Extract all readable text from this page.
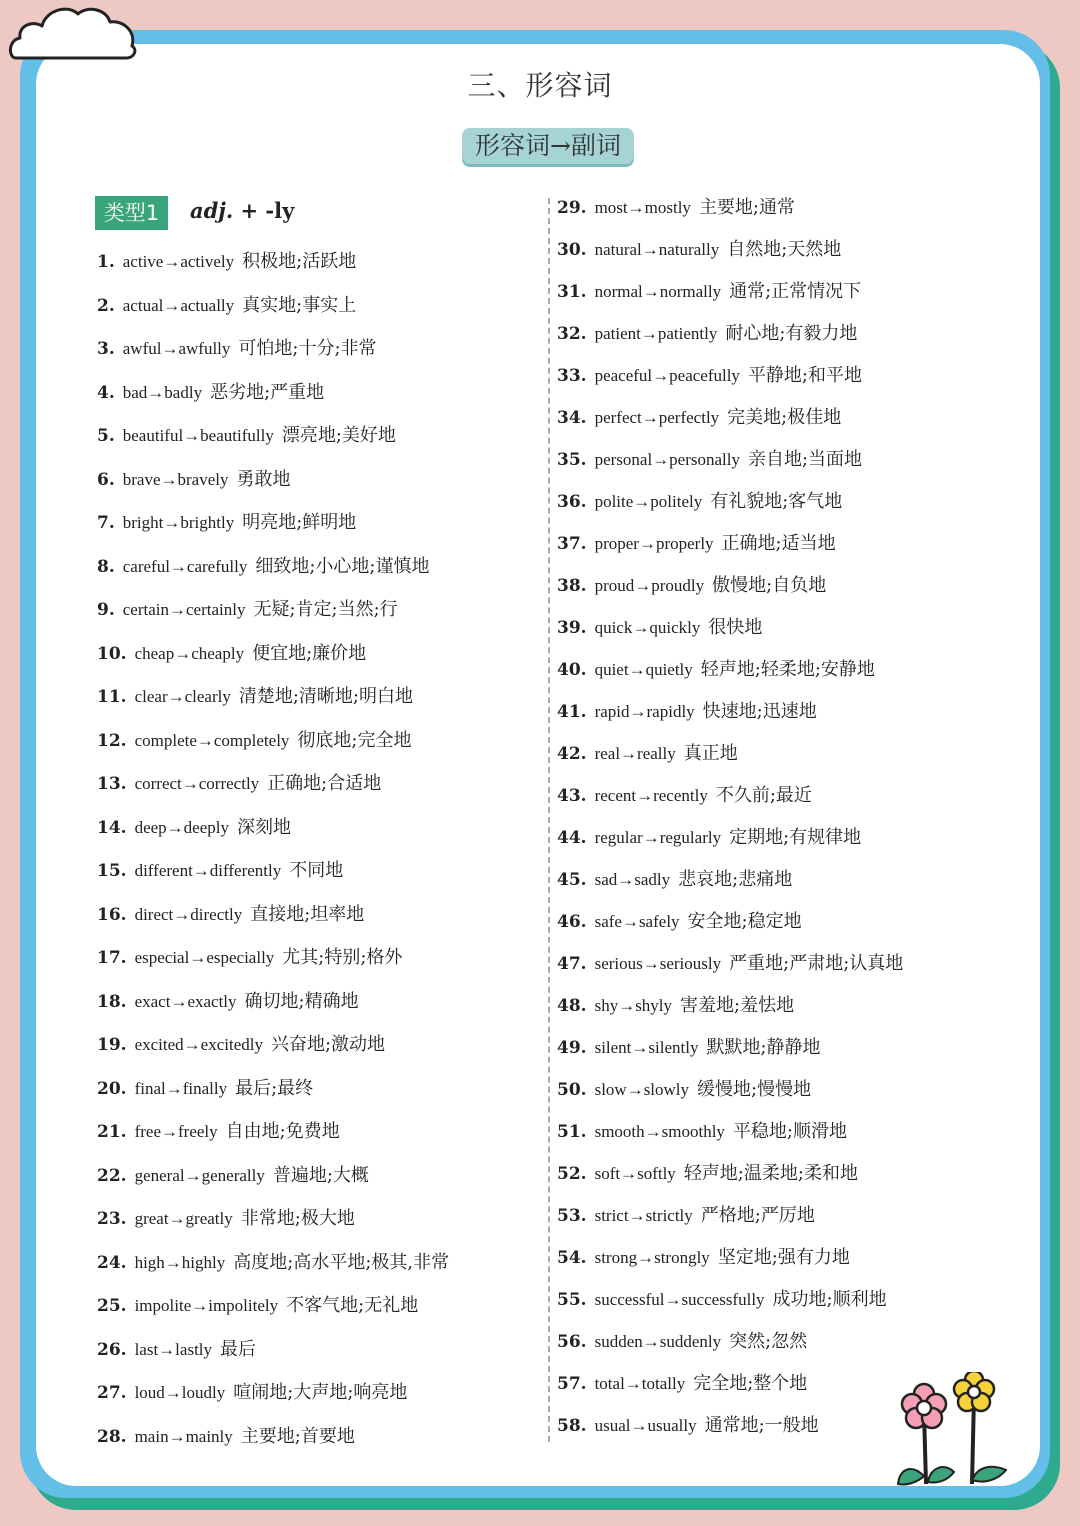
三、形容词
形容词→副词
类型1	adj. + -ly
1. active→actively 积极地;活跃地
2. actual→actually 真实地;事实上
3. awful→awfully 可怕地;十分;非常
4. bad→badly 恶劣地;严重地
5. beautiful→beautifully 漂亮地;美好地
6. brave→bravely 勇敢地
7. bright→brightly 明亮地;鲜明地
8. careful→carefully 细致地;小心地;谨慎地
9. certain→certainly 无疑;肯定;当然;行
10. cheap→cheaply 便宜地;廉价地
11. clear→clearly 清楚地;清晰地;明白地
12. complete→completely 彻底地;完全地
13. correct→correctly 正确地;合适地
14. deep→deeply 深刻地
15. different→differently 不同地
16. direct→directly 直接地;坦率地
17. especial→especially 尤其;特别;格外
18. exact→exactly 确切地;精确地
19. excited→excitedly 兴奋地;激动地
20. final→finally 最后;最终
21. free→freely 自由地;免费地
22. general→generally 普遍地;大概
23. great→greatly 非常地;极大地
24. high→highly 高度地;高水平地;极其,非常
25. impolite→impolitely 不客气地;无礼地
26. last→lastly 最后
27. loud→loudly 喧闹地;大声地;响亮地
28. main→mainly 主要地;首要地
29. most→mostly 主要地;通常
30. natural→naturally 自然地;天然地
31. normal→normally 通常;正常情况下
32. patient→patiently 耐心地;有毅力地
33. peaceful→peacefully 平静地;和平地
34. perfect→perfectly 完美地;极佳地
35. personal→personally 亲自地;当面地
36. polite→politely 有礼貌地;客气地
37. proper→properly 正确地;适当地
38. proud→proudly 傲慢地;自负地
39. quick→quickly 很快地
40. quiet→quietly 轻声地;轻柔地;安静地
41. rapid→rapidly 快速地;迅速地
42. real→really 真正地
43. recent→recently 不久前;最近
44. regular→regularly 定期地;有规律地
45. sad→sadly 悲哀地;悲痛地
46. safe→safely 安全地;稳定地
47. serious→seriously 严重地;严肃地;认真地
48. shy→shyly 害羞地;羞怯地
49. silent→silently 默默地;静静地
50. slow→slowly 缓慢地;慢慢地
51. smooth→smoothly 平稳地;顺滑地
52. soft→softly 轻声地;温柔地;柔和地
53. strict→strictly 严格地;严厉地
54. strong→strongly 坚定地;强有力地
55. successful→successfully 成功地;顺利地
56. sudden→suddenly 突然;忽然
57. total→totally 完全地;整个地
58. usual→usually 通常地;一般地
